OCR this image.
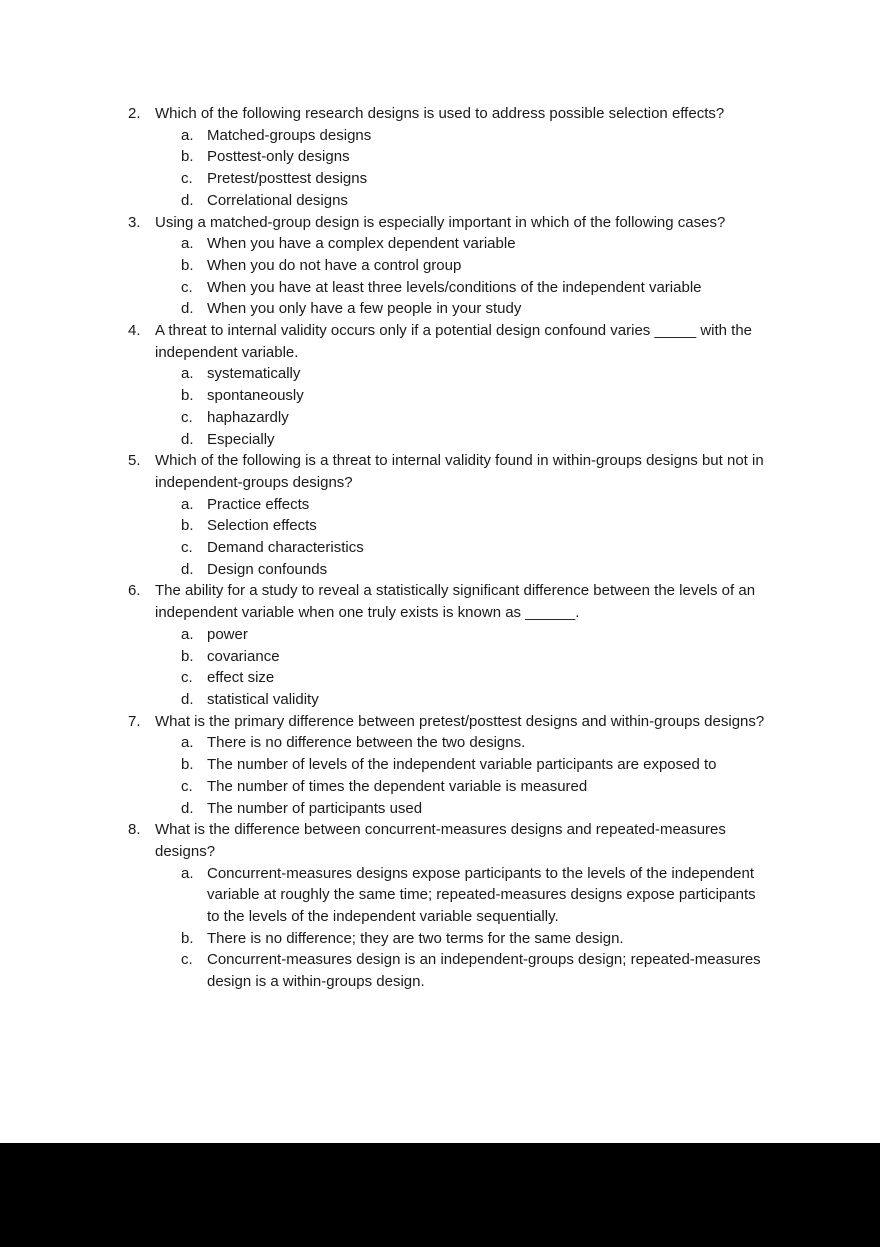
2. Which of the following research designs is used to address possible selection effects?
a. Matched-groups designs
b. Posttest-only designs
c. Pretest/posttest designs
d. Correlational designs
3. Using a matched-group design is especially important in which of the following cases?
a. When you have a complex dependent variable
b. When you do not have a control group
c. When you have at least three levels/conditions of the independent variable
d. When you only have a few people in your study
4. A threat to internal validity occurs only if a potential design confound varies _____ with the independent variable.
a. systematically
b. spontaneously
c. haphazardly
d. Especially
5. Which of the following is a threat to internal validity found in within-groups designs but not in independent-groups designs?
a. Practice effects
b. Selection effects
c. Demand characteristics
d. Design confounds
6. The ability for a study to reveal a statistically significant difference between the levels of an independent variable when one truly exists is known as ______.
a. power
b. covariance
c. effect size
d. statistical validity
7. What is the primary difference between pretest/posttest designs and within-groups designs?
a. There is no difference between the two designs.
b. The number of levels of the independent variable participants are exposed to
c. The number of times the dependent variable is measured
d. The number of participants used
8. What is the difference between concurrent-measures designs and repeated-measures designs?
a. Concurrent-measures designs expose participants to the levels of the independent variable at roughly the same time; repeated-measures designs expose participants to the levels of the independent variable sequentially.
b. There is no difference; they are two terms for the same design.
c. Concurrent-measures design is an independent-groups design; repeated-measures design is a within-groups design.
